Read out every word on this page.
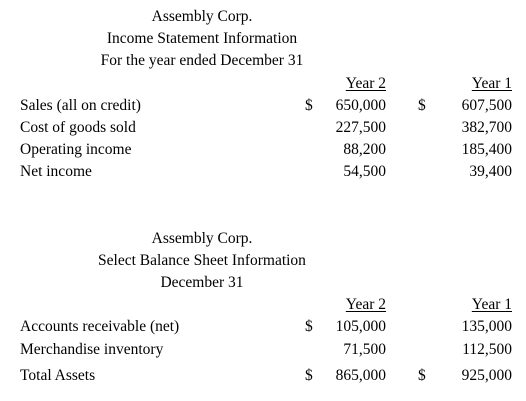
Assembly Corp.
Income Statement Information
For the year ended December 31
Year 2	Year 1
Sales (all on credit)	$ 650,000 $ 607,500
Cost of goods sold	227,500	382,700
Operating income	88,200	185,400
Net income	54,500	39,400
Assembly Corp.
Select Balance Sheet Information
December 31
Year 2	Year 1
Accounts receivable (net)	$ 105,000	135,000
Merchandise inventory	71,500	112,500
Total Assets	$ 865,000 $ 925,000
